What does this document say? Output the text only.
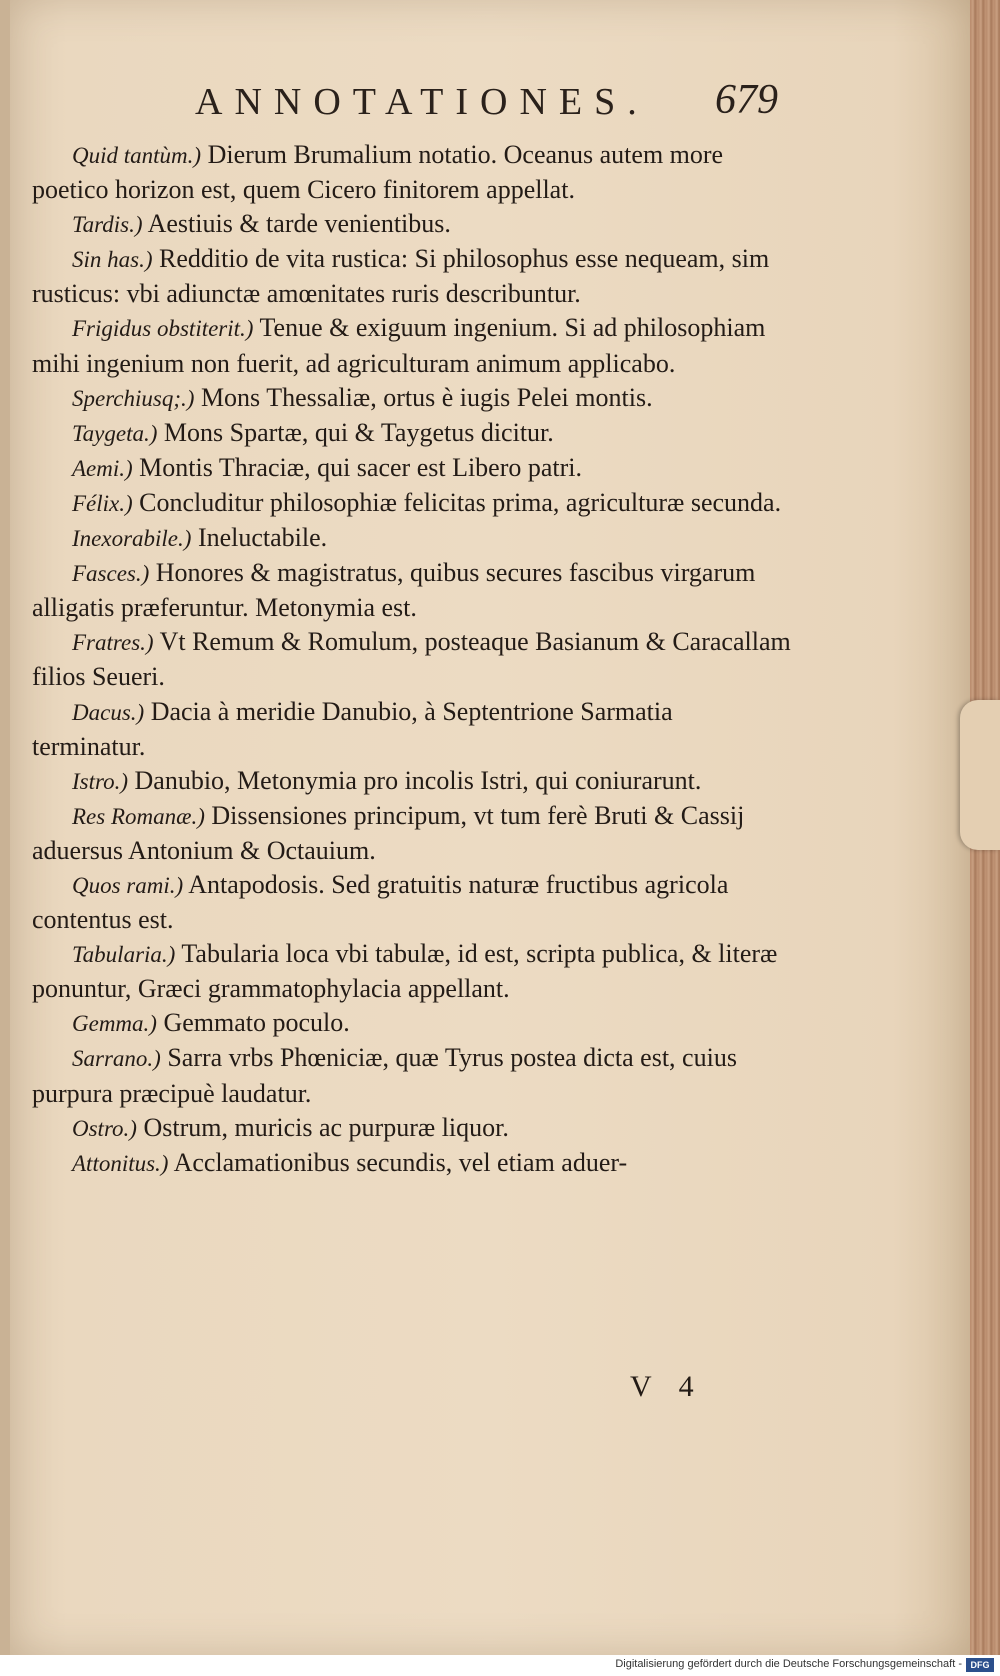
ANNOTATIONES. 679

Quid tantùm.) Dierum Brumalium notatio. Oceanus autem more poetico horizon est, quem Cicero finitorem appellat.

Tardis.) Aestiuis & tarde venientibus.

Sin has.) Redditio de vita rustica: Si philosophus esse nequeam, sim rusticus: vbi adiunctæ amœnitates ruris describuntur.

Frigidus obstiterit.) Tenue & exiguum ingenium. Si ad philosophiam mihi ingenium non fuerit, ad agriculturam animum applicabo.

Sperchiusq;.) Mons Thessaliæ, ortus è iugis Pelei montis.

Taygeta.) Mons Spartæ, qui & Taygetus dicitur.

Aemi.) Montis Thraciæ, qui sacer est Libero patri.

Félix.) Concluditur philosophiæ felicitas prima, agriculturæ secunda.

Inexorabile.) Ineluctabile.

Fasces.) Honores & magistratus, quibus secures fascibus virgarum alligatis præferuntur. Metonymia est.

Fratres.) Vt Remum & Romulum, posteaque Basianum & Caracallam filios Seueri.

Dacus.) Dacia à meridie Danubio, à Septentrione Sarmatia terminatur.

Istro.) Danubio, Metonymia pro incolis Istri, qui coniurarunt.

Res Romanæ.) Dissensiones principum, vt tum ferè Bruti & Cassij aduersus Antonium & Octauium.

Quos rami.) Antapodosis. Sed gratuitis naturæ fructibus agricola contentus est.

Tabularia.) Tabularia loca vbi tabulæ, id est, scripta publica, & literæ ponuntur, Græci grammatophylacia appellant.

Gemma.) Gemmato poculo.

Sarrano.) Sarra vrbs Phœniciæ, quæ Tyrus postea dicta est, cuius purpura præcipuè laudatur.

Ostro.) Ostrum, muricis ac purpuræ liquor.

Attonitus.) Acclamationibus secundis, vel etiam aduer-

V 4
Digitalisierung gefördert durch die Deutsche Forschungsgemeinschaft - DFG
